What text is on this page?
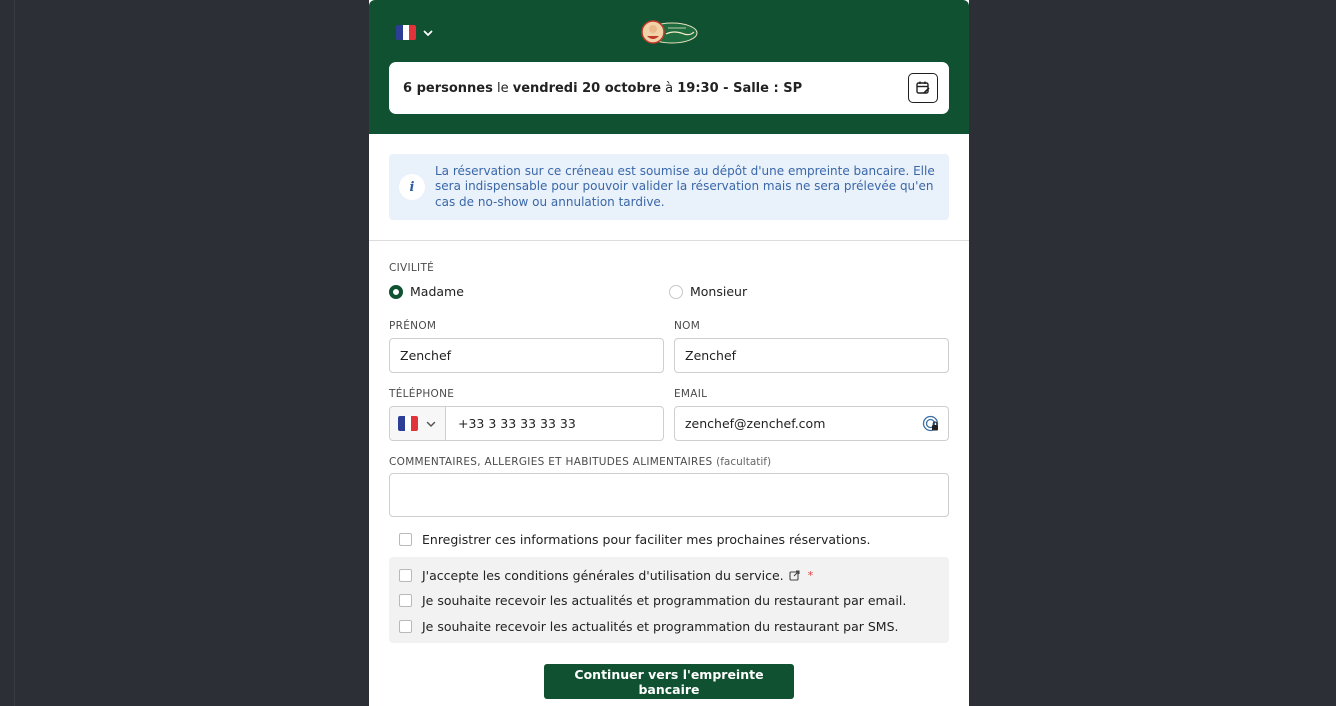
6 personnes le vendredi 20 octobre à 19:30 - Salle : SP
i
La réservation sur ce créneau est soumise au dépôt d'une empreinte bancaire. Elle sera indispensable pour pouvoir valider la réservation mais ne sera prélevée qu'en cas de no-show ou annulation tardive.
CIVILITÉ
Madame	Monsieur
PRÉNOM	NOM
Zenchef	Zenchef
TÉLÉPHONE	EMAIL
+33 3 33 33 33 33	zenchef@zenchef.com
COMMENTAIRES, ALLERGIES ET HABITUDES ALIMENTAIRES (facultatif)
Enregistrer ces informations pour faciliter mes prochaines réservations.
J'accepte les conditions générales d'utilisation du service. *
Je souhaite recevoir les actualités et programmation du restaurant par email.
Je souhaite recevoir les actualités et programmation du restaurant par SMS.
Continuer vers l'empreinte bancaire
